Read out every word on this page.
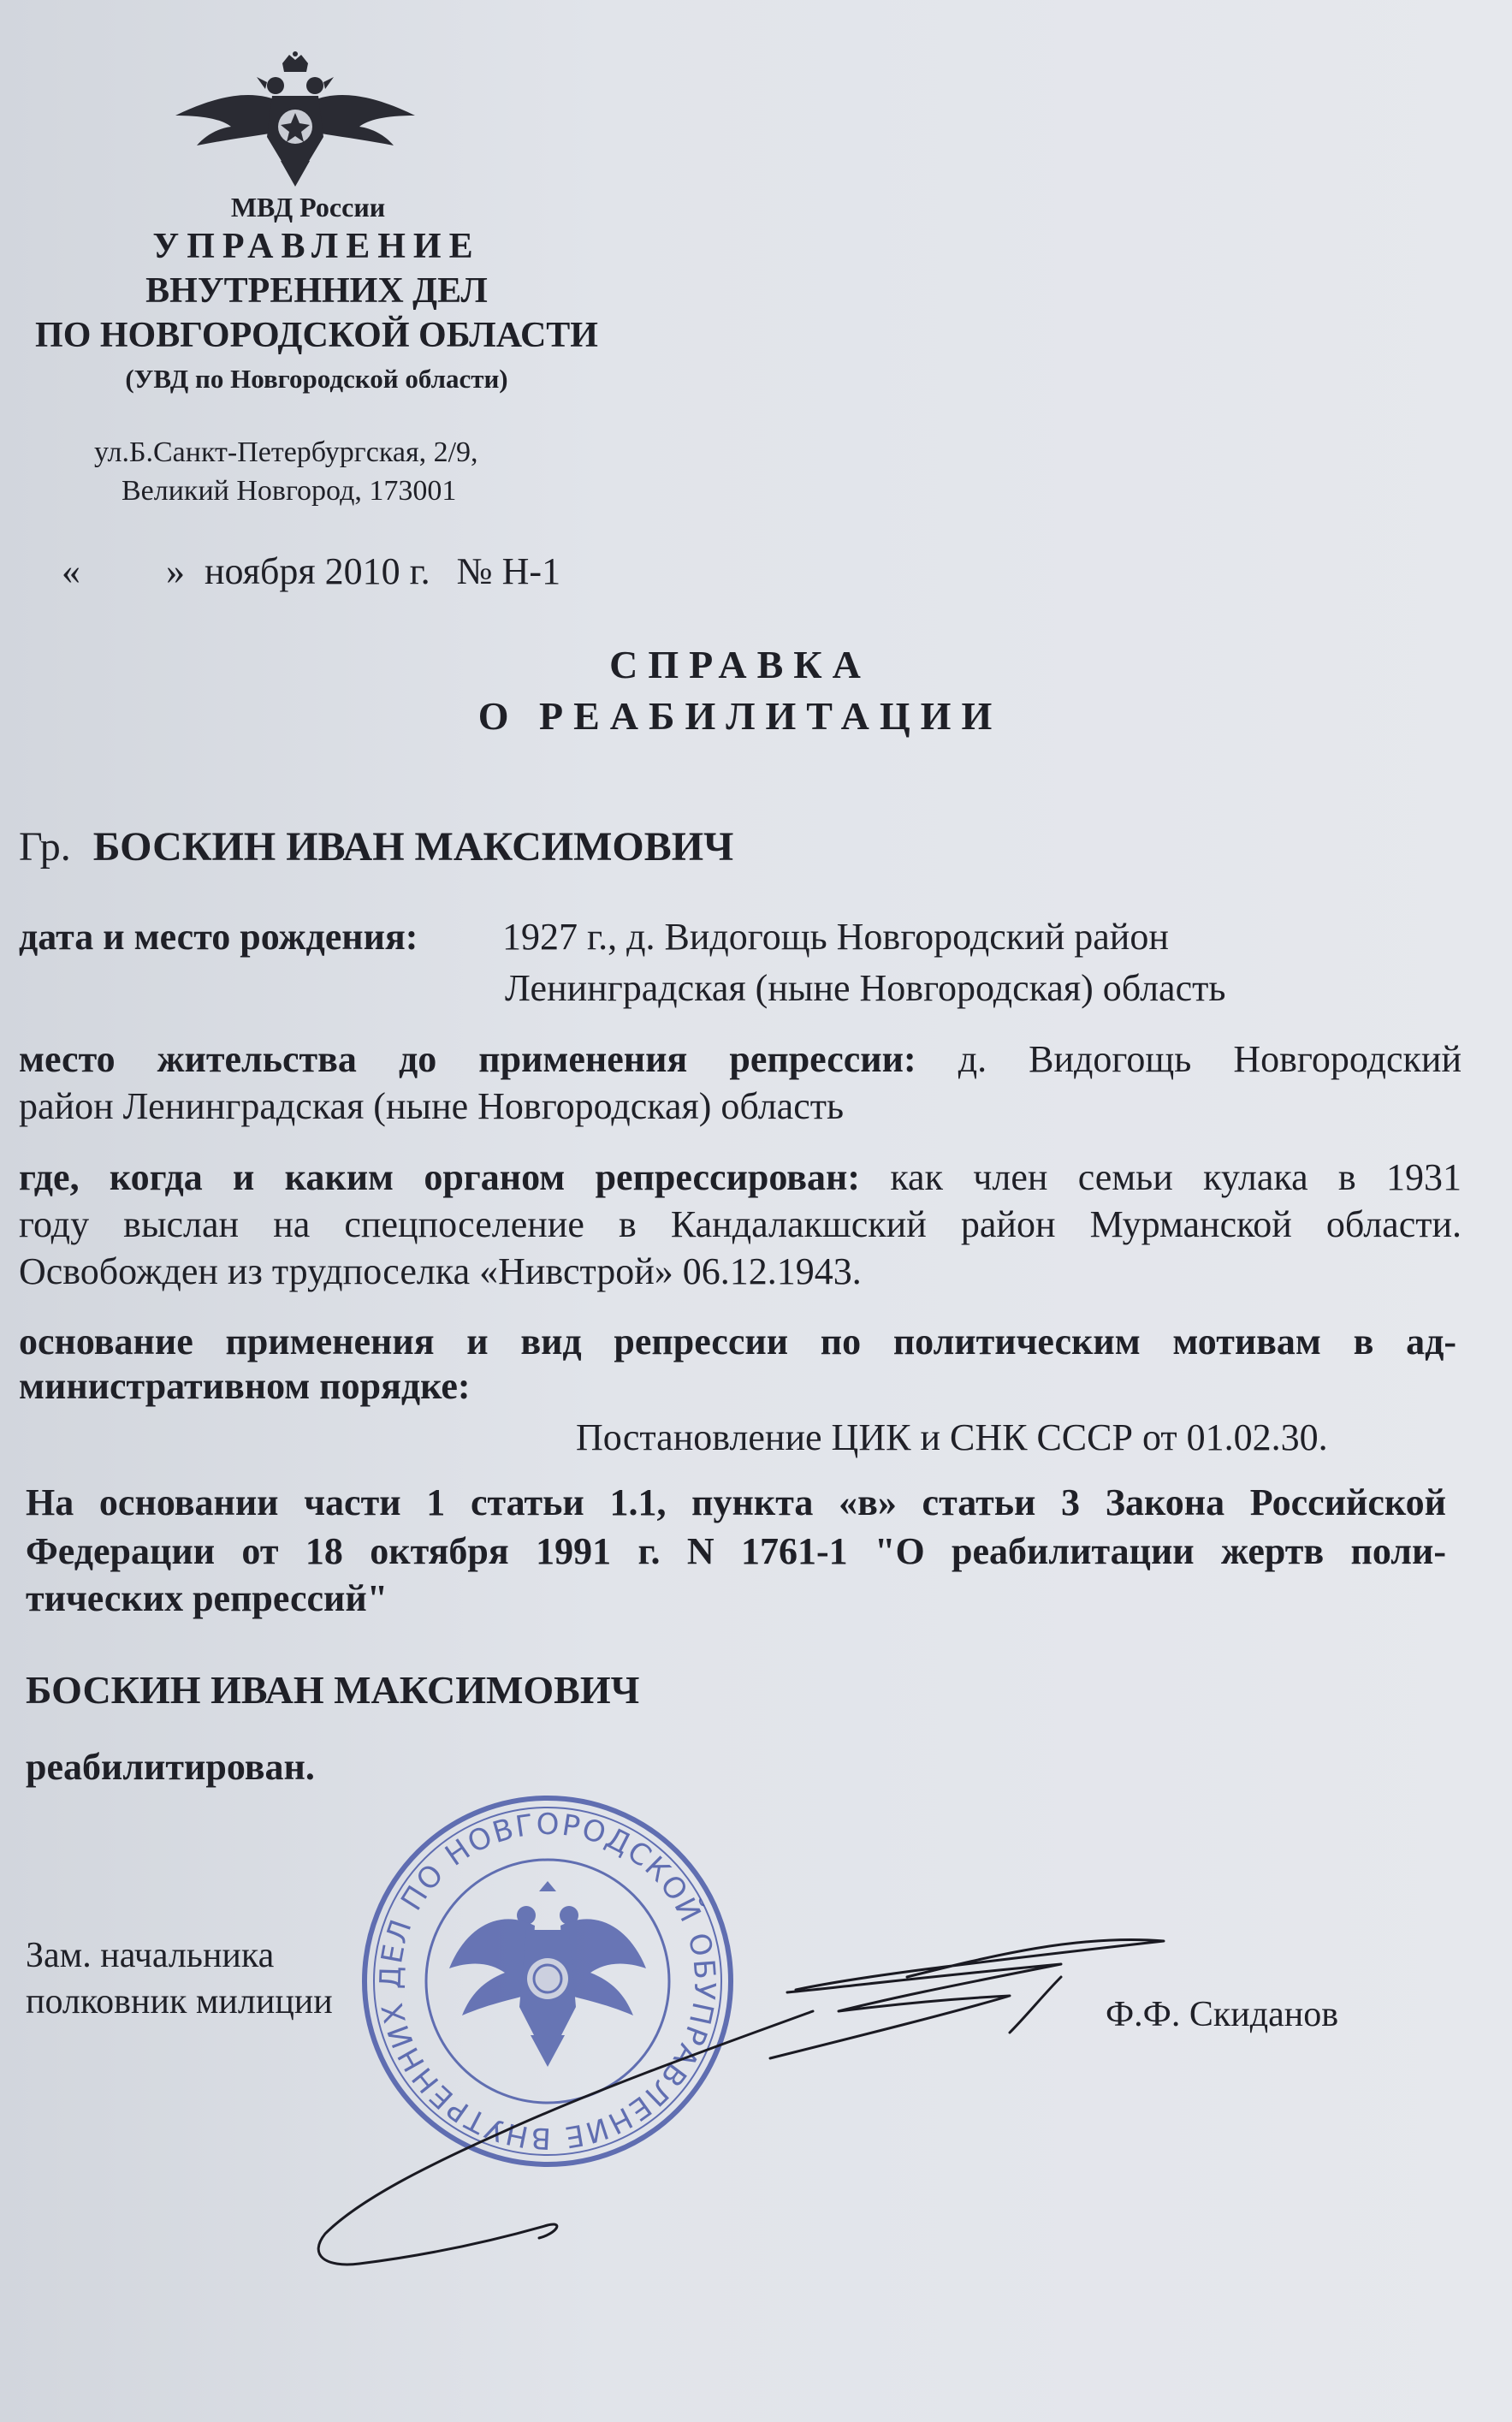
МВД России
УПРАВЛЕНИЕ
ВНУТРЕННИХ ДЕЛ
ПО НОВГОРОДСКОЙ ОБЛАСТИ
(УВД по Новгородской области)
ул.Б.Санкт-Петербургская, 2/9,
Великий Новгород, 173001
« » ноября 2010 г. № Н-1
СПРАВКА
О РЕАБИЛИТАЦИИ
Гр. БОСКИН ИВАН МАКСИМОВИЧ
дата и место рождения: 1927 г., д. Видогощь Новгородский район
Ленинградская (ныне Новгородская) область
место жительства до применения репрессии: д. Видогощь Новгородский
район Ленинградская (ныне Новгородская) область
где, когда и каким органом репрессирован: как член семьи кулака в 1931
году выслан на спецпоселение в Кандалакшский район Мурманской области.
Освобожден из трудпоселка «Нивстрой» 06.12.1943.
основание применения и вид репрессии по политическим мотивам в ад-
министративном порядке:
Постановление ЦИК и СНК СССР от 01.02.30.
На основании части 1 статьи 1.1, пункта «в» статьи 3 Закона Российской
Федерации от 18 октября 1991 г. N 1761-1 "О реабилитации жертв поли-
тических репрессий"
БОСКИН ИВАН МАКСИМОВИЧ
реабилитирован.
Зам. начальника
полковник милиции	Ф.Ф. Скиданов
УПРАВЛЕНИЕ ВНУТРЕННИХ ДЕЛ ПО НОВГОРОДСКОЙ ОБ
